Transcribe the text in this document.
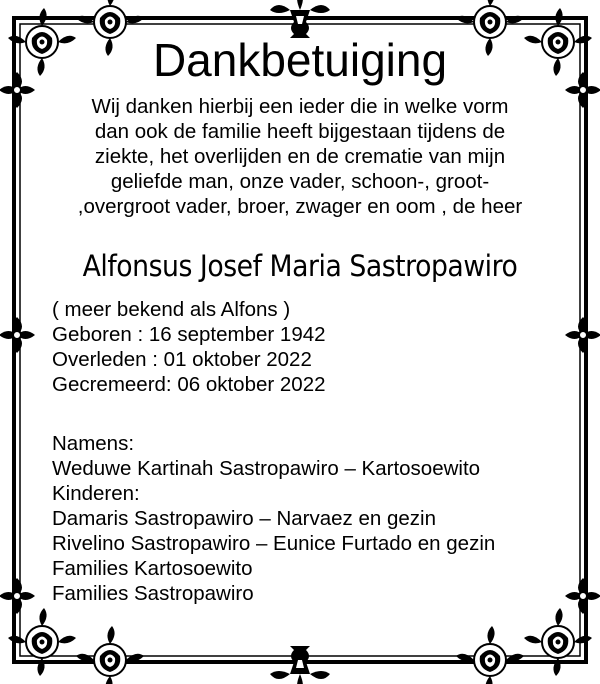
Dankbetuiging
Wij danken hierbij een ieder die in welke vorm
dan ook de familie heeft bijgestaan tijdens de
ziekte, het overlijden en de crematie van mijn
geliefde man, onze vader, schoon-, groot-
,overgroot vader, broer, zwager en oom , de heer
Alfonsus Josef Maria Sastropawiro
( meer bekend als Alfons )
Geboren : 16 september 1942
Overleden : 01 oktober 2022
Gecremeerd: 06 oktober 2022
Namens:
Weduwe Kartinah Sastropawiro – Kartosoewito
Kinderen:
Damaris Sastropawiro – Narvaez en gezin
Rivelino Sastropawiro – Eunice Furtado en gezin
Families Kartosoewito
Families Sastropawiro
